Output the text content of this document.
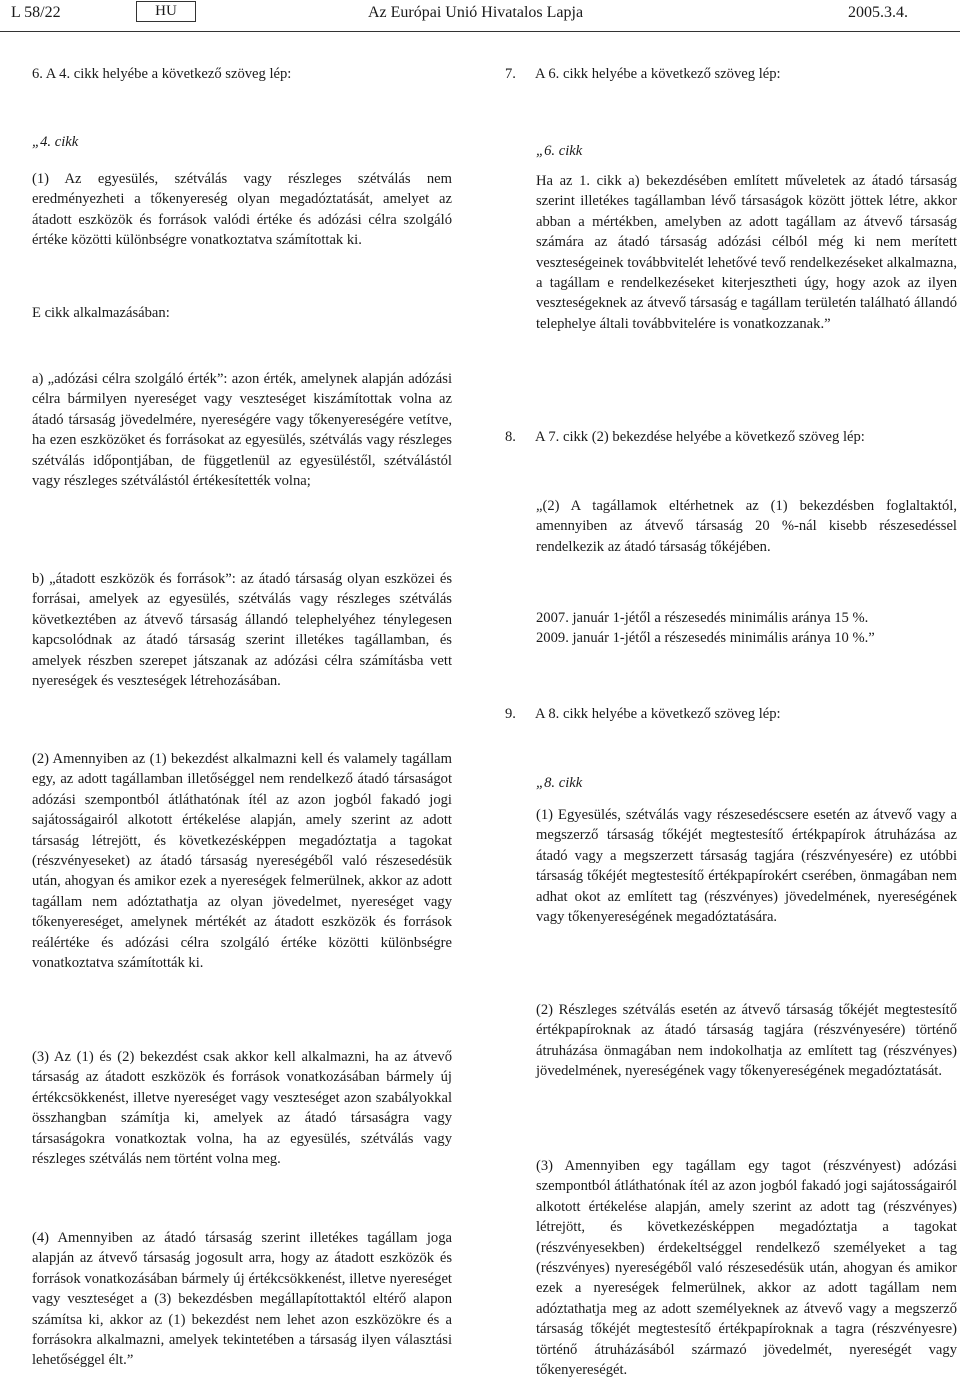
L 58/22	HU	Az Európai Unió Hivatalos Lapja	2005.3.4.
6. A 4. cikk helyébe a következő szöveg lép:
„4. cikk
(1) Az egyesülés, szétválás vagy részleges szétválás nem eredményezheti a tőkenyereség olyan megadóztatását, amelyet az átadott eszközök és források valódi értéke és adózási célra szolgáló értéke közötti különbségre vonatkoztatva számítottak ki.
E cikk alkalmazásában:
a) „adózási célra szolgáló érték”: azon érték, amelynek alapján adózási célra bármilyen nyereséget vagy veszteséget kiszámítottak volna az átadó társaság jövedelmére, nyereségére vagy tőkenyereségére vetítve, ha ezen eszközöket és forrásokat az egyesülés, szétválás vagy részleges szétválás időpontjában, de függetlenül az egyesüléstől, szétválástól vagy részleges szétválástól értékesítették volna;
b) „átadott eszközök és források”: az átadó társaság olyan eszközei és forrásai, amelyek az egyesülés, szétválás vagy részleges szétválás következtében az átvevő társaság állandó telephelyéhez ténylegesen kapcsolódnak az átadó társaság szerint illetékes tagállamban, és amelyek részben szerepet játszanak az adózási célra számításba vett nyereségek és veszteségek létrehozásában.
(2) Amennyiben az (1) bekezdést alkalmazni kell és valamely tagállam egy, az adott tagállamban illetőséggel nem rendelkező átadó társaságot adózási szempontból átláthatónak ítél az azon jogból fakadó jogi sajátosságairól alkotott értékelése alapján, amely szerint az adott társaság létrejött, és következésképpen megadóztatja a tagokat (részvényeseket) az átadó társaság nyereségéből való részesedésük után, ahogyan és amikor ezek a nyereségek felmerülnek, akkor az adott tagállam nem adóztathatja az olyan jövedelmet, nyereséget vagy tőkenyereséget, amelynek mértékét az átadott eszközök és források reálértéke és adózási célra szolgáló értéke közötti különbségre vonatkoztatva számították ki.
(3) Az (1) és (2) bekezdést csak akkor kell alkalmazni, ha az átvevő társaság az átadott eszközök és források vonatkozásában bármely új értékcsökkenést, illetve nyereséget vagy veszteséget azon szabályokkal összhangban számítja ki, amelyek az átadó társaságra vagy társaságokra vonatkoztak volna, ha az egyesülés, szétválás vagy részleges szétválás nem történt volna meg.
(4) Amennyiben az átadó társaság szerint illetékes tagállam joga alapján az átvevő társaság jogosult arra, hogy az átadott eszközök és források vonatkozásában bármely új értékcsökkenést, illetve nyereséget vagy veszteséget a (3) bekezdésben megállapítottaktól eltérő alapon számítsa ki, akkor az (1) bekezdést nem lehet azon eszközökre és a forrásokra alkalmazni, amelyek tekintetében a társaság ilyen választási lehetőséggel élt.”
7. A 6. cikk helyébe a következő szöveg lép:
„6. cikk
Ha az 1. cikk a) bekezdésében említett műveletek az átadó társaság szerint illetékes tagállamban lévő társaságok között jöttek létre, akkor abban a mértékben, amelyben az adott tagállam az átvevő társaság számára az átadó társaság adózási célból még ki nem merített veszteségeinek továbbvitelét lehetővé tevő rendelkezéseket alkalmazna, a tagállam e rendelkezéseket kiterjesztheti úgy, hogy azok az ilyen veszteségeknek az átvevő társaság e tagállam területén található állandó telephelye általi továbbvitelére is vonatkozzanak.”
8. A 7. cikk (2) bekezdése helyébe a következő szöveg lép:
„(2) A tagállamok eltérhetnek az (1) bekezdésben foglaltaktól, amennyiben az átvevő társaság 20 %-nál kisebb részesedéssel rendelkezik az átadó társaság tőkéjében.
2007. január 1-jétől a részesedés minimális aránya 15 %.
2009. január 1-jétől a részesedés minimális aránya 10 %.”
9. A 8. cikk helyébe a következő szöveg lép:
„8. cikk
(1) Egyesülés, szétválás vagy részesedéscsere esetén az átvevő vagy a megszerző társaság tőkéjét megtestesítő értékpapírok átruházása az átadó vagy a megszerzett társaság tagjára (részvényesére) ez utóbbi társaság tőkéjét megtestesítő értékpapírokért cserében, önmagában nem adhat okot az említett tag (részvényes) jövedelmének, nyereségének vagy tőkenyereségének megadóztatására.
(2) Részleges szétválás esetén az átvevő társaság tőkéjét megtestesítő értékpapíroknak az átadó társaság tagjára (részvényesére) történő átruházása önmagában nem indokolhatja az említett tag (részvényes) jövedelmének, nyereségének vagy tőkenyereségének megadóztatását.
(3) Amennyiben egy tagállam egy tagot (részvényest) adózási szempontból átláthatónak ítél az azon jogból fakadó jogi sajátosságairól alkotott értékelése alapján, amely szerint az adott tag (részvényes) létrejött, és következésképpen megadóztatja a tagokat (részvényesekben) érdekeltséggel rendelkező személyeket a tag (részvényes) nyereségéből való részesedésük után, ahogyan és amikor ezek a nyereségek felmerülnek, akkor az adott tagállam nem adóztathatja meg az adott személyeknek az átvevő vagy a megszerző társaság tőkéjét megtestesítő értékpapíroknak a tagra (részvényesre) történő átruházásából származó jövedelmét, nyereségét vagy tőkenyereségét.
